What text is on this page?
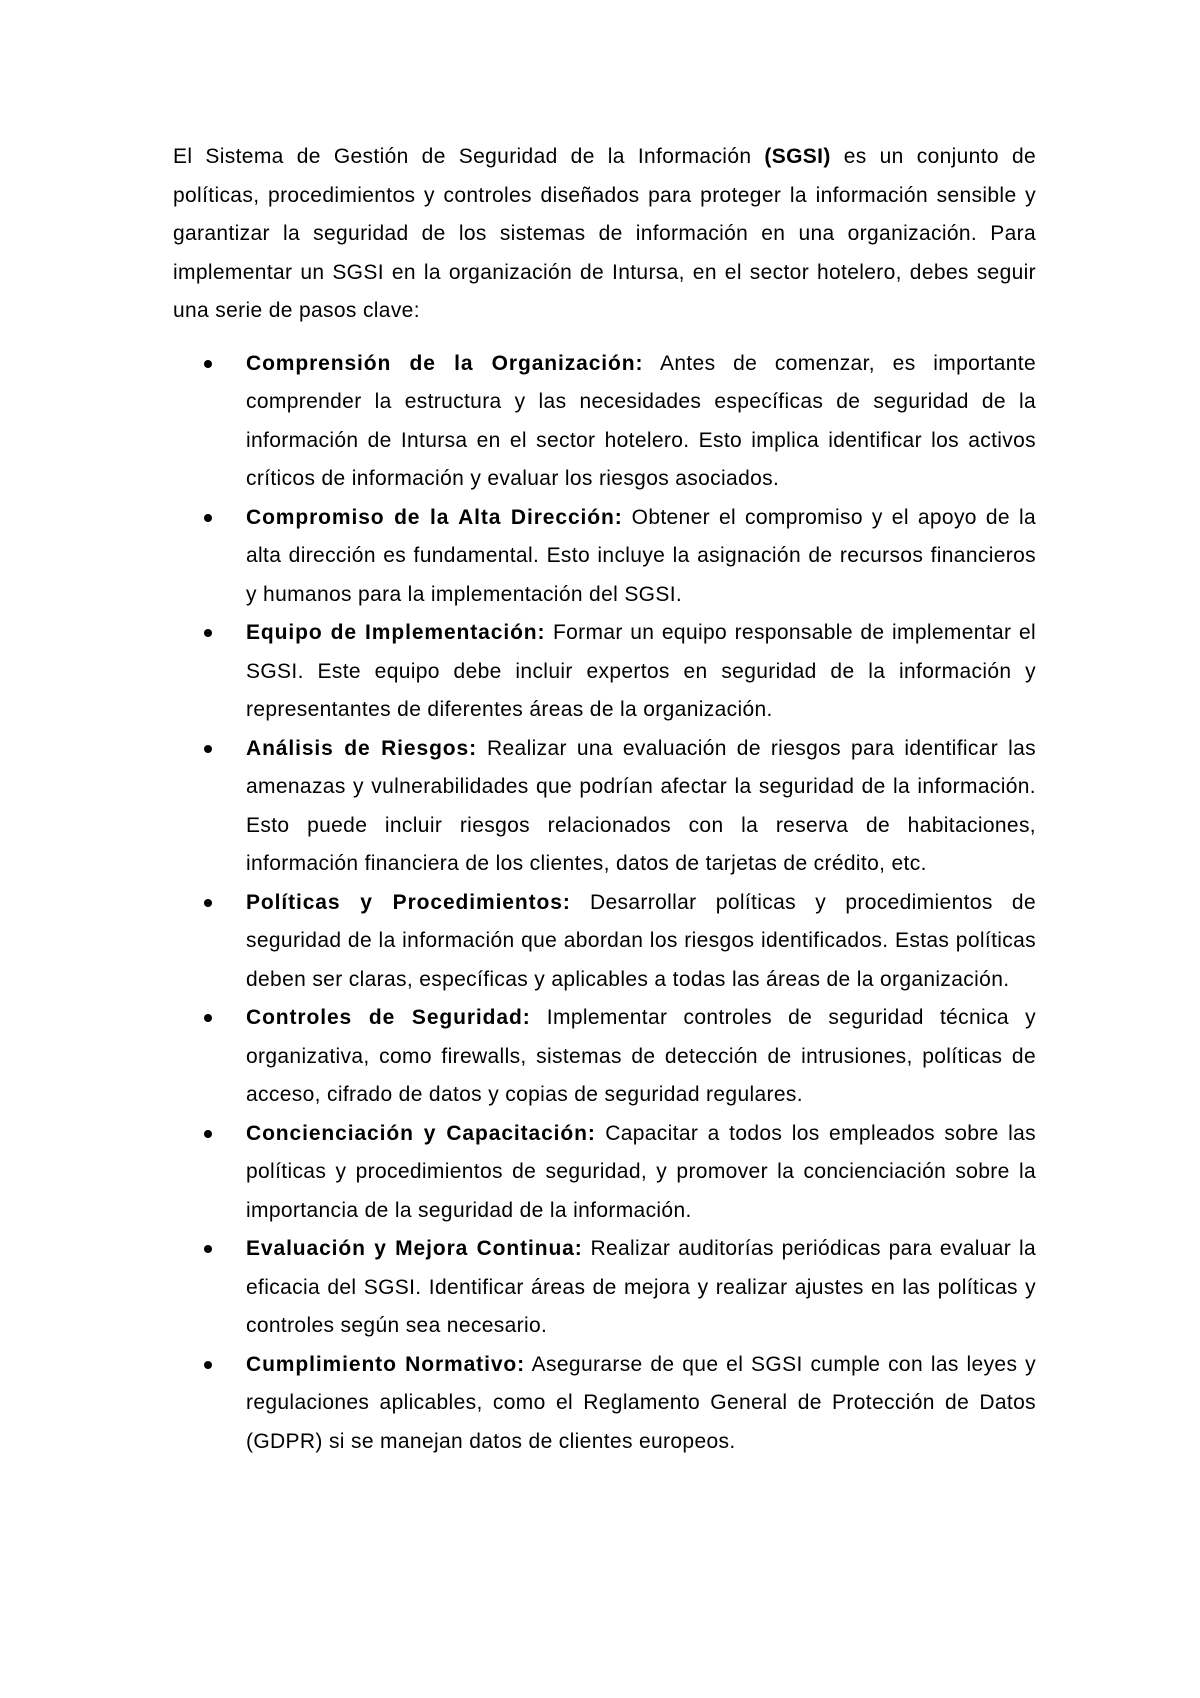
El Sistema de Gestión de Seguridad de la Información (SGSI) es un conjunto de políticas, procedimientos y controles diseñados para proteger la información sensible y garantizar la seguridad de los sistemas de información en una organización. Para implementar un SGSI en la organización de Intursa, en el sector hotelero, debes seguir una serie de pasos clave:

Comprensión de la Organización: Antes de comenzar, es importante comprender la estructura y las necesidades específicas de seguridad de la información de Intursa en el sector hotelero. Esto implica identificar los activos críticos de información y evaluar los riesgos asociados.
Compromiso de la Alta Dirección: Obtener el compromiso y el apoyo de la alta dirección es fundamental. Esto incluye la asignación de recursos financieros y humanos para la implementación del SGSI.
Equipo de Implementación: Formar un equipo responsable de implementar el SGSI. Este equipo debe incluir expertos en seguridad de la información y representantes de diferentes áreas de la organización.
Análisis de Riesgos: Realizar una evaluación de riesgos para identificar las amenazas y vulnerabilidades que podrían afectar la seguridad de la información. Esto puede incluir riesgos relacionados con la reserva de habitaciones, información financiera de los clientes, datos de tarjetas de crédito, etc.
Políticas y Procedimientos: Desarrollar políticas y procedimientos de seguridad de la información que abordan los riesgos identificados. Estas políticas deben ser claras, específicas y aplicables a todas las áreas de la organización.
Controles de Seguridad: Implementar controles de seguridad técnica y organizativa, como firewalls, sistemas de detección de intrusiones, políticas de acceso, cifrado de datos y copias de seguridad regulares.
Concienciación y Capacitación: Capacitar a todos los empleados sobre las políticas y procedimientos de seguridad, y promover la concienciación sobre la importancia de la seguridad de la información.
Evaluación y Mejora Continua: Realizar auditorías periódicas para evaluar la eficacia del SGSI. Identificar áreas de mejora y realizar ajustes en las políticas y controles según sea necesario.
Cumplimiento Normativo: Asegurarse de que el SGSI cumple con las leyes y regulaciones aplicables, como el Reglamento General de Protección de Datos (GDPR) si se manejan datos de clientes europeos.
